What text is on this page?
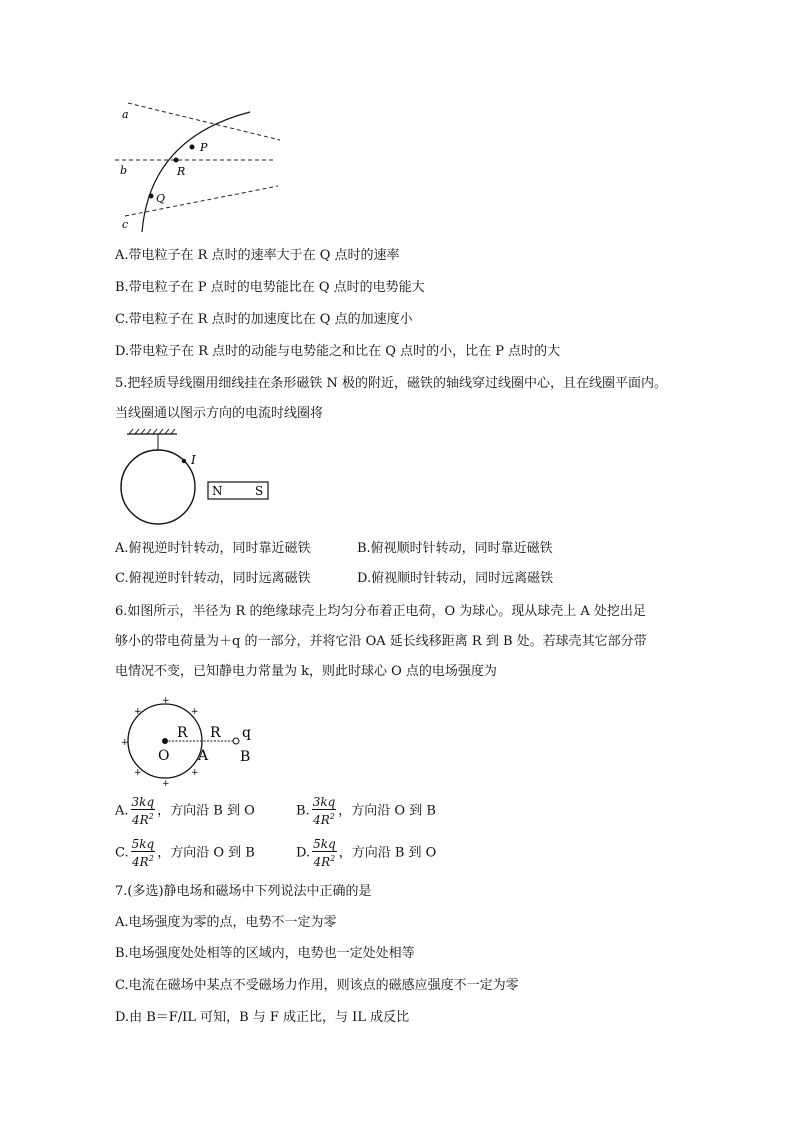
a
b
c
P
R
Q
A.带电粒子在 R 点时的速率大于在 Q 点时的速率
B.带电粒子在 P 点时的电势能比在 Q 点时的电势能大
C.带电粒子在 R 点时的加速度比在 Q 点的加速度小
D.带电粒子在 R 点时的动能与电势能之和比在 Q 点时的小，比在 P 点时的大
5.把轻质导线圈用细线挂在条形磁铁 N 极的附近，磁铁的轴线穿过线圈中心，且在线圈平面内。
当线圈通以图示方向的电流时线圈将
I
N	S
A.俯视逆时针转动，同时靠近磁铁	B.俯视顺时针转动，同时靠近磁铁
C.俯视逆时针转动，同时远离磁铁	D.俯视顺时针转动，同时远离磁铁
6.如图所示，半径为 R 的绝缘球壳上均匀分布着正电荷，O 为球心。现从球壳上 A 处挖出足
够小的带电荷量为＋q 的一部分，并将它沿 OA 延长线移距离 R 到 B 处。若球壳其它部分带
电情况不变，已知静电力常量为 k，则此时球心 O 点的电场强度为
O
R R q
A B
+
+	+
+
+
+
+
A. $\frac{3kq}{4R^2}$ ，方向沿 B 到 O	B. $\frac{3kq}{4R^2}$ ，方向沿 O 到 B
C. $\frac{5kq}{4R^2}$ ，方向沿 O 到 B	D. $\frac{5kq}{4R^2}$ ，方向沿 B 到 O
7.(多选)静电场和磁场中下列说法中正确的是
A.电场强度为零的点，电势不一定为零
B.电场强度处处相等的区域内，电势也一定处处相等
C.电流在磁场中某点不受磁场力作用，则该点的磁感应强度不一定为零
D.由 B＝F/IL 可知，B 与 F 成正比，与 IL 成反比
